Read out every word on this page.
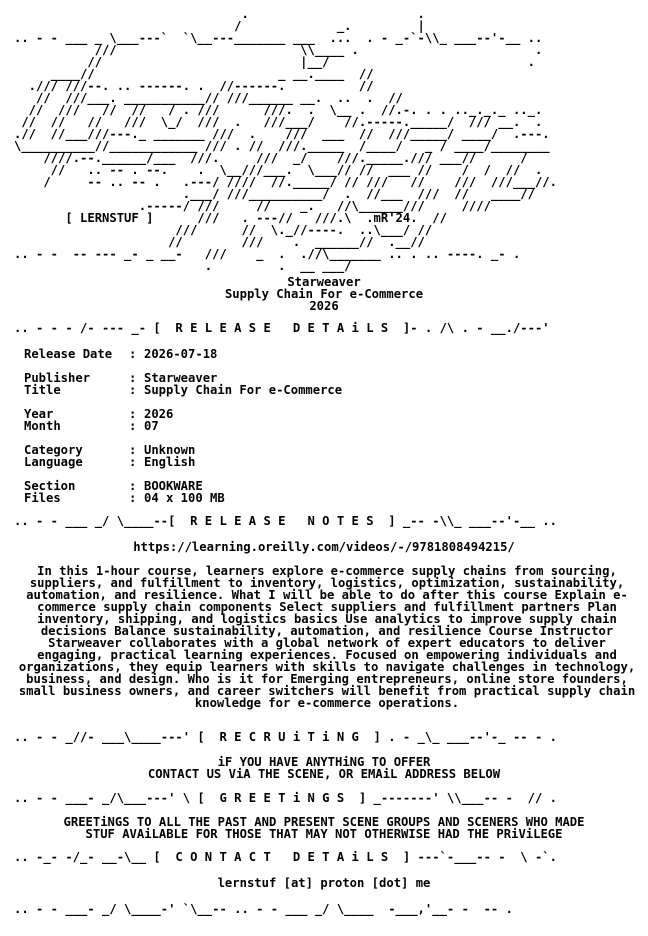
.                       .
/             _.         |
.. - - ___ _ \___---`  `\__---_______ ___  ...  . - _-`-\\_ ___--'-__ ..
///                         \\____ .                        .
//                           |__/                           .
____//                         _ __.____  //
./// ///--. .. ------. .  //------.          //
//  ///___. ___________// ///______ __.  ..  .  //
//  ///   //  //   / . ///      ///.  .  \__ .  //.-. . . .._._._ .._.
//  //   //   ///  \_/  ///  .   ///___/    //.-----._____/  /// __.  .
.//  //___///---._ _______ ///  .    ///  ___  //  ///_____/ ____/  .---.
\__________//____________ /// . //  ///._____  /____/   _ / ____/________
////.--.______/___  ///.     ///  _/    ///._____./// ___//      /
//   .. -- . --.    .  \__///___.  \___// //  ___ //    /  /  //  .
/     -- .. -- .   .---/ ////  //._____/ // ///   //    ///  ///___//.
.___/ ///__________/  .  //___  ///  //   ____//
.-----/ ///     //    _.   //\______///     ////
[ LERNSTUF ]      ///   . ---//   ///.\  .mR'24.  //
///      //  \._//----.  ..\___/ //
//        ///    .  ______//  .__//
.. - -  -- --- _- _ __-   ///    _  .  .//\_______ .. . .. ----. _- .
.         .  __ ___/
Starweaver
Supply Chain For e-Commerce
2026
.. - - - /- --- _- [  R E L E A S E   D E T A i L S  ]- . /\ . - __./---'
Release Date	: 2026-07-18
Publisher	: Starweaver
Title	: Supply Chain For e-Commerce
Year	: 2026
Month	: 07
Category	: Unknown
Language	: English
Section	: BOOKWARE
Files	: 04 x 100 MB
.. - - ___ _/ \____--[  R E L E A S E   N O T E S  ] _-- -\\_ ___--'-__ ..
https://learning.oreilly.com/videos/-/9781808494215/
In this 1-hour course, learners explore e-commerce supply chains from sourcing, suppliers, and fulfillment to inventory, logistics, optimization, sustainability, automation, and resilience. What I will be able to do after this course Explain e-commerce supply chain components Select suppliers and fulfillment partners Plan inventory, shipping, and logistics basics Use analytics to improve supply chain decisions Balance sustainability, automation, and resilience Course Instructor Starweaver collaborates with a global network of expert educators to deliver engaging, practical learning experiences. Focused on empowering individuals and organizations, they equip learners with skills to navigate challenges in technology, business, and design. Who is it for Emerging entrepreneurs, online store founders, small business owners, and career switchers will benefit from practical supply chain knowledge for e-commerce operations.
.. - - _//- ___\____---' [  R E C R U i T i N G  ] . - _\_ ___--'-_ -- - .
iF YOU HAVE ANYTHiNG TO OFFER
CONTACT US ViA THE SCENE, OR EMAiL ADDRESS BELOW
.. - - ___- _/\___---' \ [  G R E E T i N G S  ] _-------' \\___-- -  // .
GREETiNGS TO ALL THE PAST AND PRESENT SCENE GROUPS AND SCENERS WHO MADE
STUF AVAiLABLE FOR THOSE THAT MAY NOT OTHERWISE HAD THE PRiViLEGE
.. -_- -/_- __-\__ [  C O N T A C T   D E T A i L S  ] ---`-___-- -  \ -`.
lernstuf [at] proton [dot] me
.. - - ___- _/ \____-' `\__-- .. - - ___ _/ \____  -___,'__- -  -- .
